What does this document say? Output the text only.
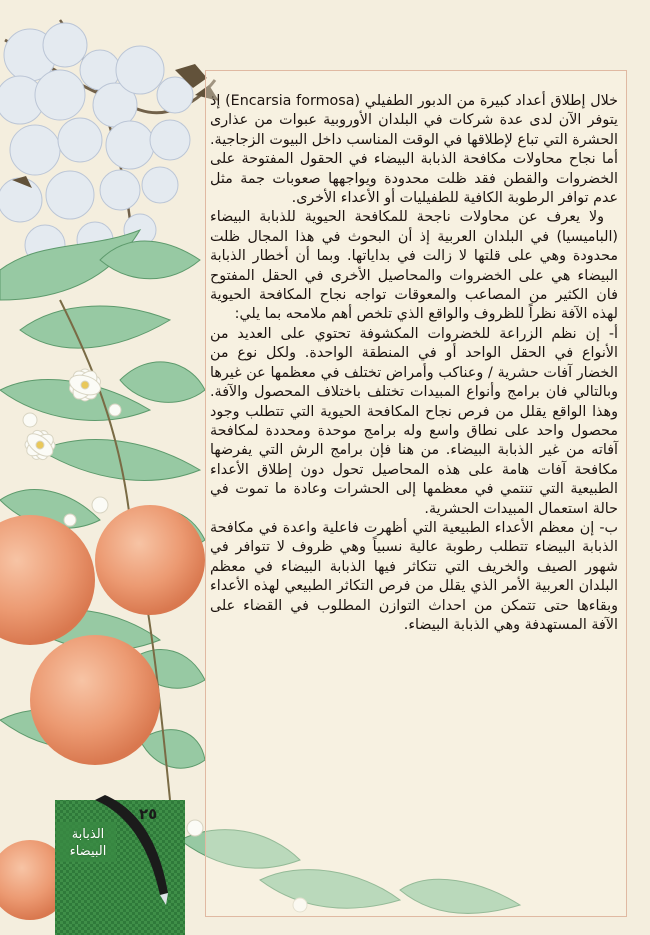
خلال إطلاق أعداد كبيرة من الدبور الطفيلي (Encarsia formosa) إذ يتوفر الآن لدى عدة شركات في البلدان الأوروبية عبوات من عذارى الحشرة التي تباع لإطلاقها في الوقت المناسب داخل البيوت الزجاجية. أما نجاح محاولات مكافحة الذبابة البيضاء في الحقول المفتوحة على الخضروات والقطن فقد ظلت محدودة ويواجهها صعوبات جمة مثل عدم توافر الرطوبة الكافية للطفيليات أو الأعداء الأخرى.

ولا يعرف عن محاولات ناجحة للمكافحة الحيوية للذبابة البيضاء (الباميسيا) في البلدان العربية إذ أن البحوث في هذا المجال ظلت محدودة وهي على قلتها لا زالت في بداياتها. وبما أن أخطار الذبابة البيضاء هي على الخضروات والمحاصيل الأخرى في الحقل المفتوح فان الكثير من المصاعب والمعوقات تواجه نجاح المكافحة الحيوية لهذه الآفة نظراً للظروف والواقع الذي تلخص أهم ملامحه بما يلي:

أ- إن نظم الزراعة للخضروات المكشوفة تحتوي على العديد من الأنواع في الحقل الواحد أو في المنطقة الواحدة. ولكل نوع من الخضار آفات حشرية / وعناكب وأمراض تختلف في معظمها عن غيرها وبالتالي فان برامج وأنواع المبيدات تختلف باختلاف المحصول والآفة. وهذا الواقع يقلل من فرص نجاح المكافحة الحيوية التي تتطلب وجود محصول واحد على نطاق واسع وله برامج موحدة ومحددة لمكافحة آفاته من غير الذبابة البيضاء. من هنا فإن برامج الرش التي يفرضها مكافحة آفات هامة على هذه المحاصيل تحول دون إطلاق الأعداء الطبيعية التي تنتمي في معظمها إلى الحشرات وعادة ما تموت في حالة استعمال المبيدات الحشرية.

ب- إن معظم الأعداء الطبيعية التي أظهرت فاعلية واعدة في مكافحة الذبابة البيضاء تتطلب رطوبة عالية نسبياً وهي ظروف لا تتوافر في شهور الصيف والخريف التي تتكاثر فيها الذبابة البيضاء في معظم البلدان العربية الأمر الذي يقلل من فرص التكاثر الطبيعي لهذه الأعداء وبقاءها حتى تتمكن من احداث التوازن المطلوب في القضاء على الآفة المستهدفة وهي الذبابة البيضاء.

٢٥
الذبابة
البيضاء
